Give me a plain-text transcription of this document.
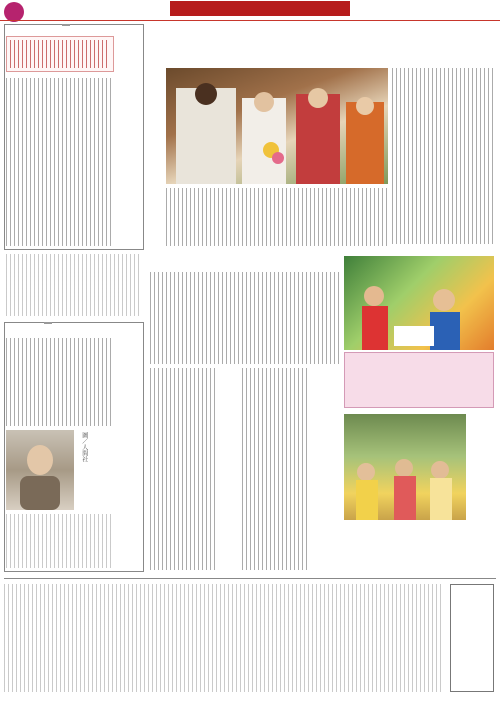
圖／人間社
